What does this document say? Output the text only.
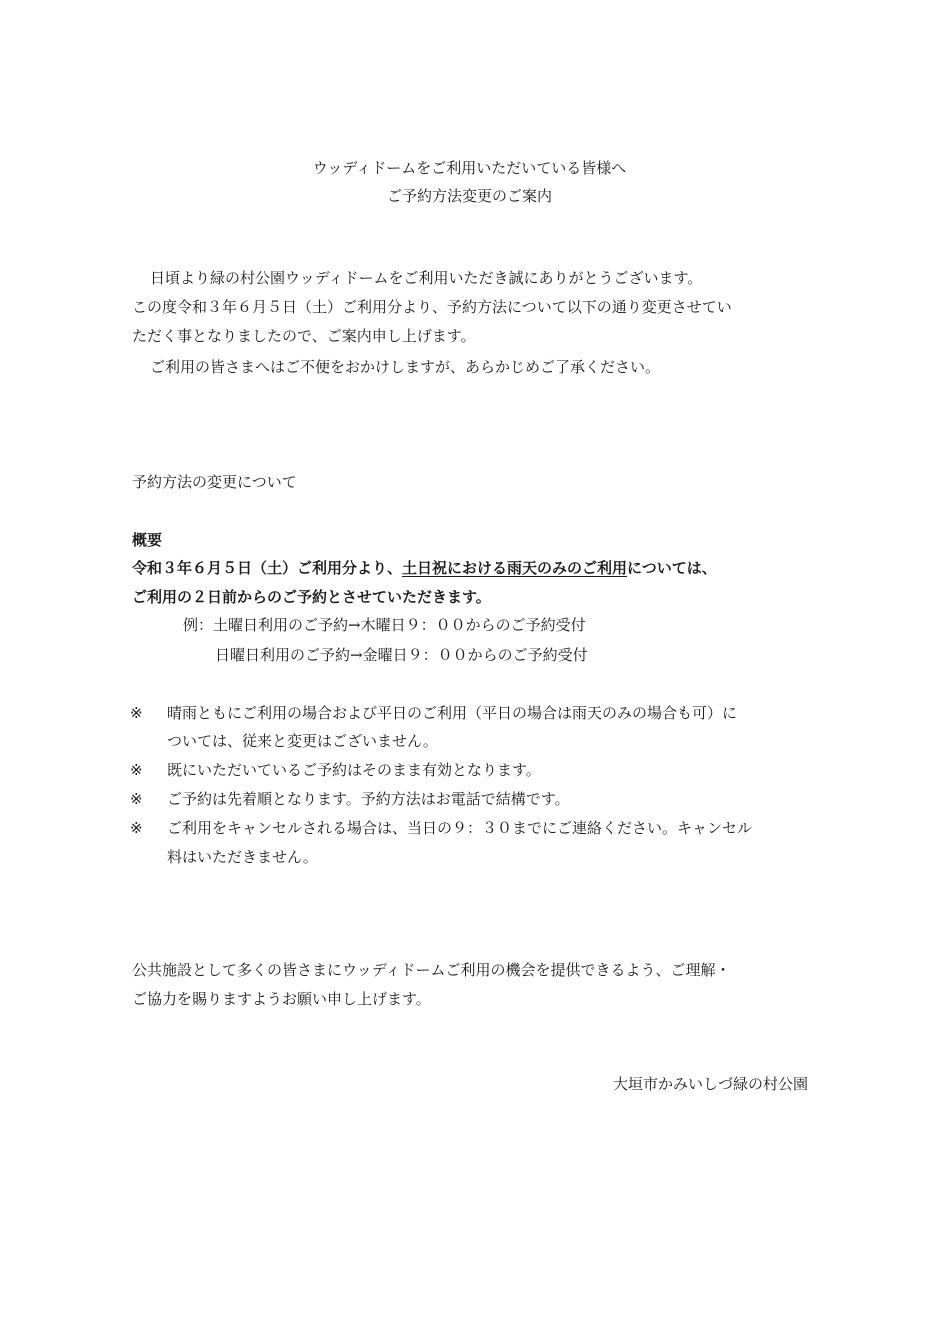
ウッディドームをご利用いただいている皆様へ
ご予約方法変更のご案内
日頃より緑の村公園ウッディドームをご利用いただき誠にありがとうございます。
この度令和３年６月５日（土）ご利用分より、予約方法について以下の通り変更させてい
ただく事となりましたので、ご案内申し上げます。
ご利用の皆さまへはご不便をおかけしますが、あらかじめご了承ください。
予約方法の変更について
概要
令和３年６月５日（土）ご利用分より、土日祝における雨天のみのご利用については、
ご利用の２日前からのご予約とさせていただきます。
例：土曜日利用のご予約→木曜日９：００からのご予約受付
日曜日利用のご予約→金曜日９：００からのご予約受付
※ 晴雨ともにご利用の場合および平日のご利用（平日の場合は雨天のみの場合も可）に
ついては、従来と変更はございません。
※ 既にいただいているご予約はそのまま有効となります。
※ ご予約は先着順となります。予約方法はお電話で結構です。
※ ご利用をキャンセルされる場合は、当日の９：３０までにご連絡ください。キャンセル
料はいただきません。
公共施設として多くの皆さまにウッディドームご利用の機会を提供できるよう、ご理解・
ご協力を賜りますようお願い申し上げます。
大垣市かみいしづ緑の村公園
